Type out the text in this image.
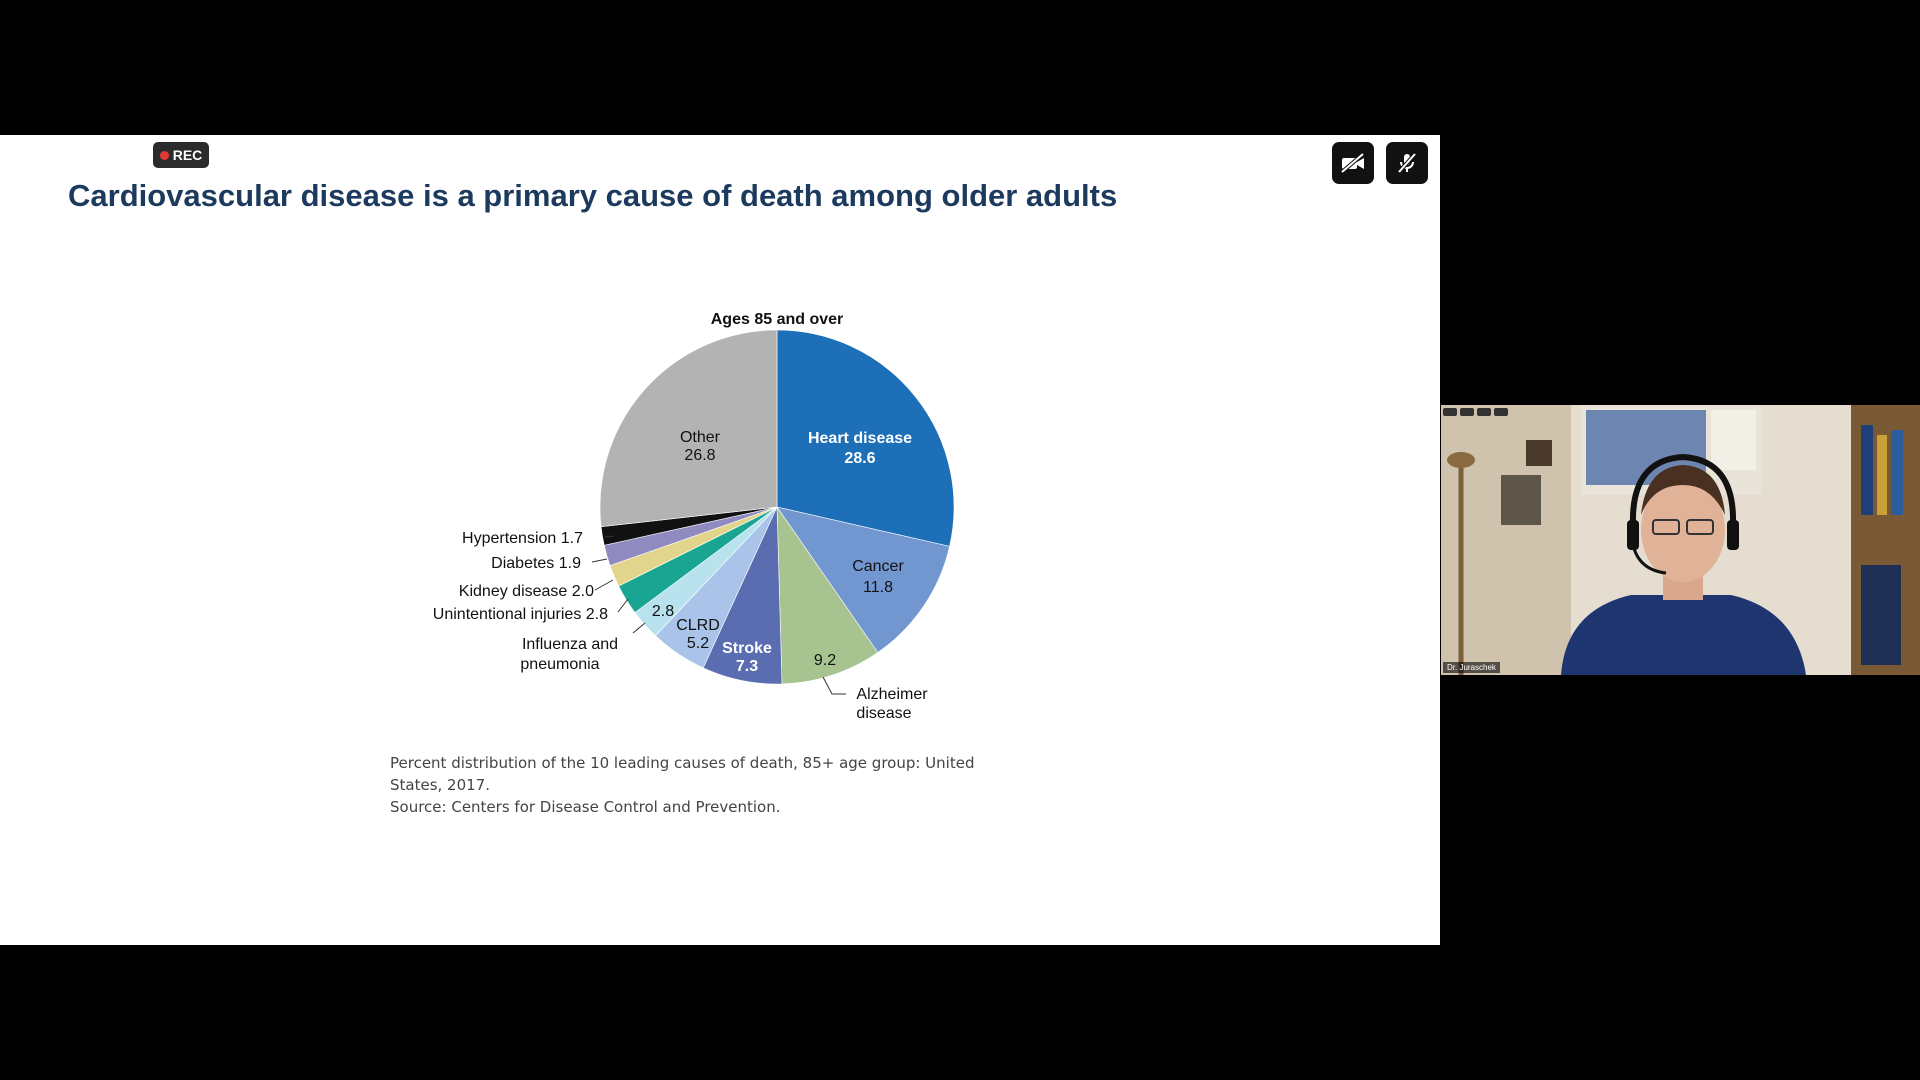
REC
Cardiovascular disease is a primary cause of death among older adults
Ages 85 and over
Heart disease
28.6
Cancer
11.8
9.2
Alzheimer
disease
Stroke
7.3
CLRD
5.2
2.8
Influenza and
pneumonia
Unintentional injuries 2.8
Kidney disease 2.0
Diabetes 1.9
Hypertension 1.7
Other
26.8
Percent distribution of the 10 leading causes of death, 85+ age group: United
States, 2017.
Source: Centers for Disease Control and Prevention.
Dr. Juraschek
